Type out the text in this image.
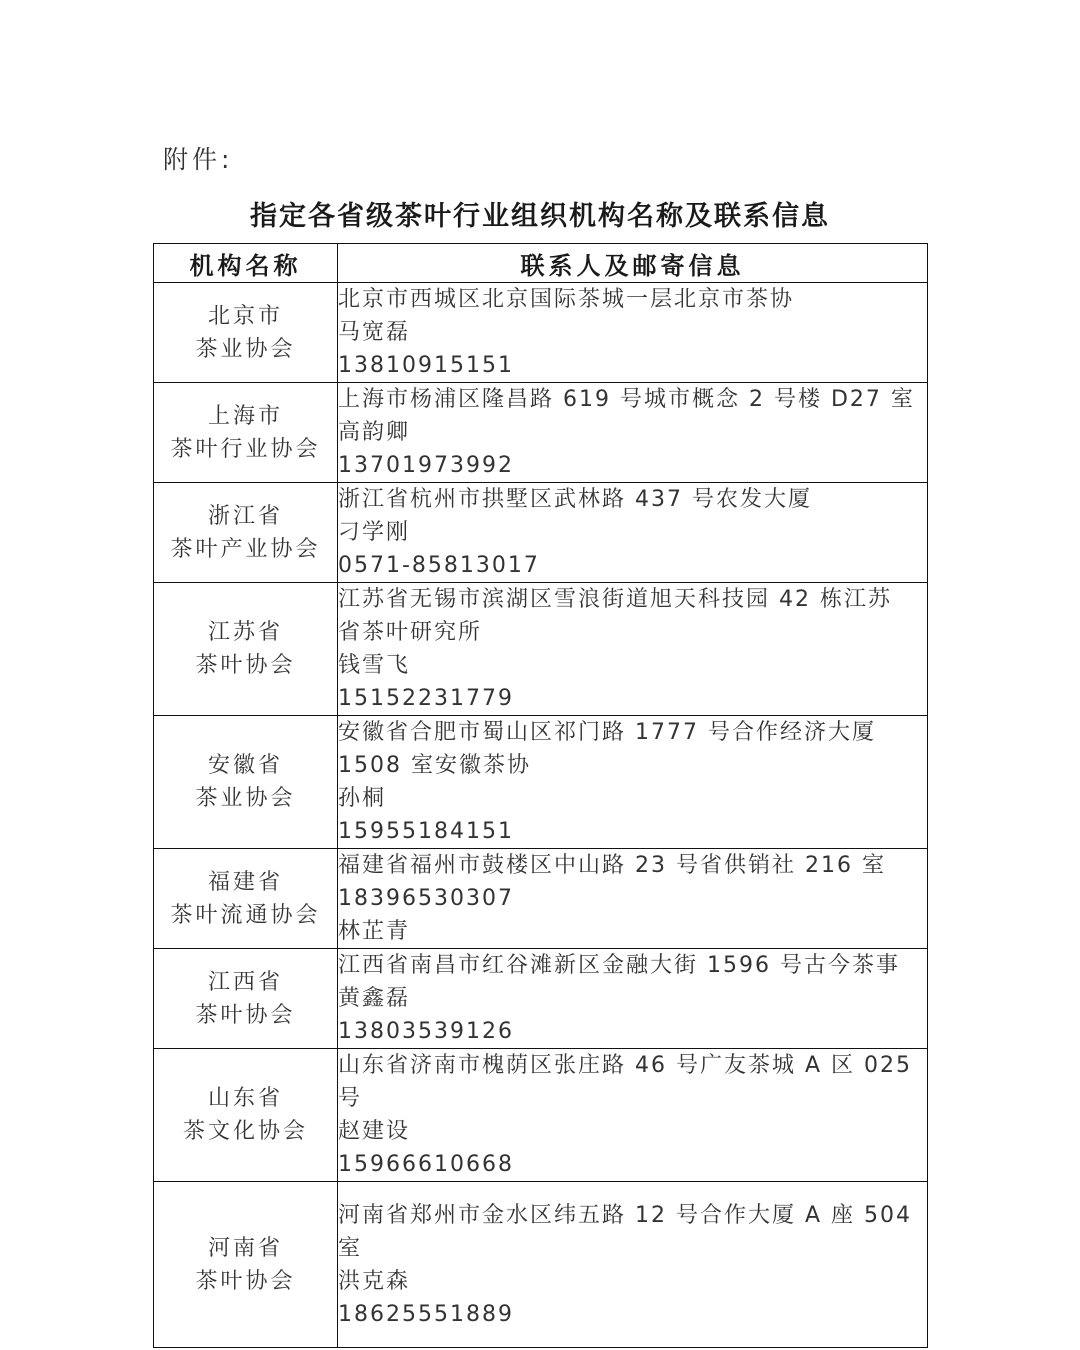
附件:
指定各省级茶叶行业组织机构名称及联系信息
机构名称	联系人及邮寄信息

北京市
茶业协会	北京市西城区北京国际茶城一层北京市茶协
马宽磊
13810915151

上海市
茶叶行业协会	上海市杨浦区隆昌路 619 号城市概念 2 号楼 D27 室
高韵卿
13701973992

浙江省
茶叶产业协会	浙江省杭州市拱墅区武林路 437 号农发大厦
刁学刚
0571-85813017

江苏省
茶叶协会	江苏省无锡市滨湖区雪浪街道旭天科技园 42 栋江苏
省茶叶研究所
钱雪飞
15152231779

安徽省
茶业协会	安徽省合肥市蜀山区祁门路 1777 号合作经济大厦
1508 室安徽茶协
孙桐
15955184151

福建省
茶叶流通协会	福建省福州市鼓楼区中山路 23 号省供销社 216 室
18396530307
林芷青

江西省
茶叶协会	江西省南昌市红谷滩新区金融大街 1596 号古今茶事
黄鑫磊
13803539126

山东省
茶文化协会	山东省济南市槐荫区张庄路 46 号广友茶城 A 区 025
号
赵建设
15966610668

河南省
茶叶协会	河南省郑州市金水区纬五路 12 号合作大厦 A 座 504
室
洪克森
18625551889
